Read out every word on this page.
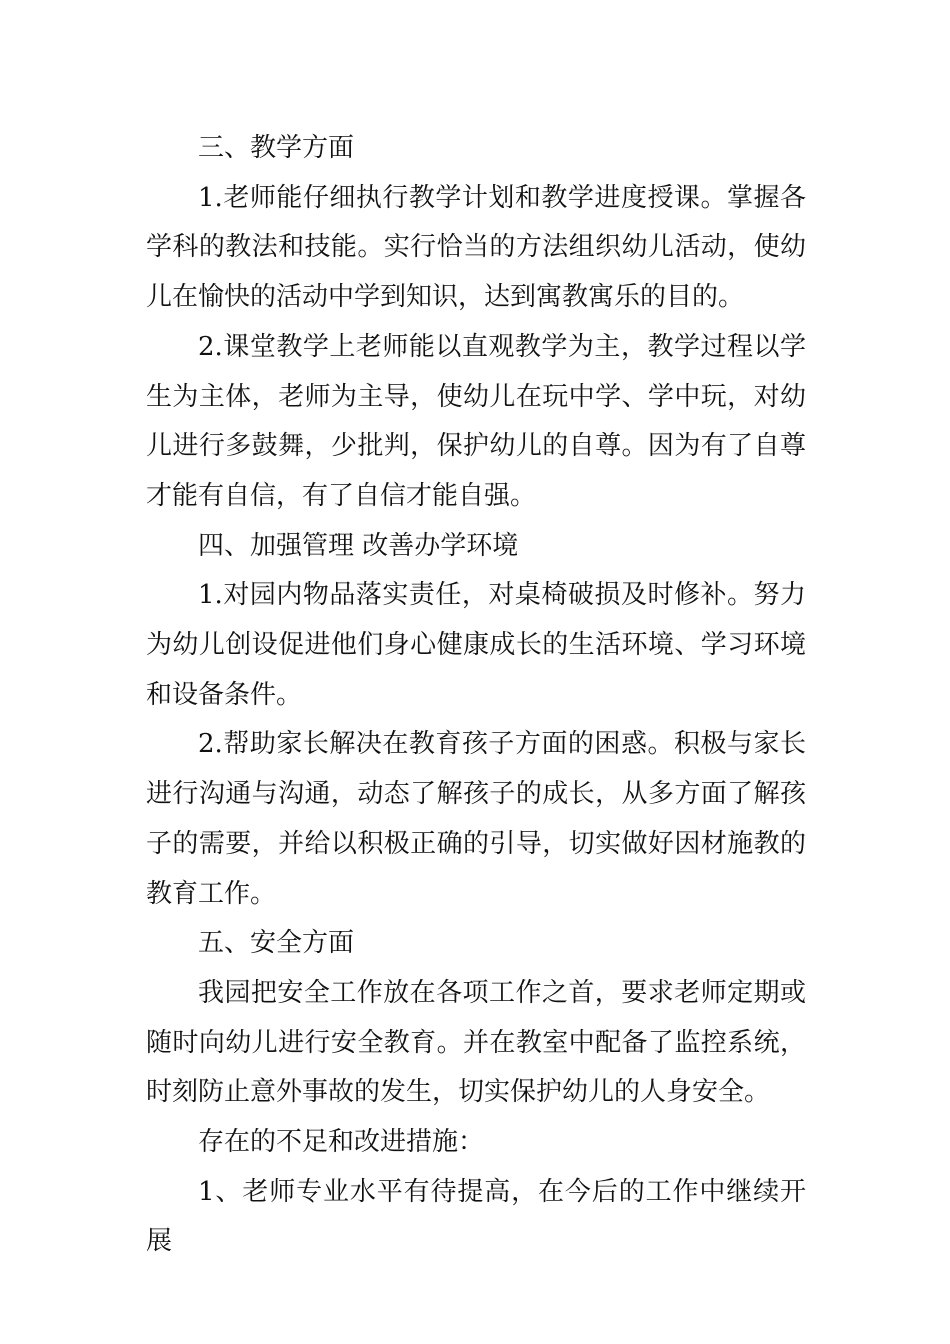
三、教学方面

1.老师能仔细执行教学计划和教学进度授课。掌握各学科的教法和技能。实行恰当的方法组织幼儿活动，使幼儿在愉快的活动中学到知识，达到寓教寓乐的目的。

2.课堂教学上老师能以直观教学为主，教学过程以学生为主体，老师为主导，使幼儿在玩中学、学中玩，对幼儿进行多鼓舞，少批判，保护幼儿的自尊。因为有了自尊才能有自信，有了自信才能自强。

四、加强管理 改善办学环境

1.对园内物品落实责任，对桌椅破损及时修补。努力为幼儿创设促进他们身心健康成长的生活环境、学习环境和设备条件。

2.帮助家长解决在教育孩子方面的困惑。积极与家长进行沟通与沟通，动态了解孩子的成长，从多方面了解孩子的需要，并给以积极正确的引导，切实做好因材施教的教育工作。

五、安全方面

我园把安全工作放在各项工作之首，要求老师定期或随时向幼儿进行安全教育。并在教室中配备了监控系统，时刻防止意外事故的发生，切实保护幼儿的人身安全。

存在的不足和改进措施：

1、老师专业水平有待提高，在今后的工作中继续开展
